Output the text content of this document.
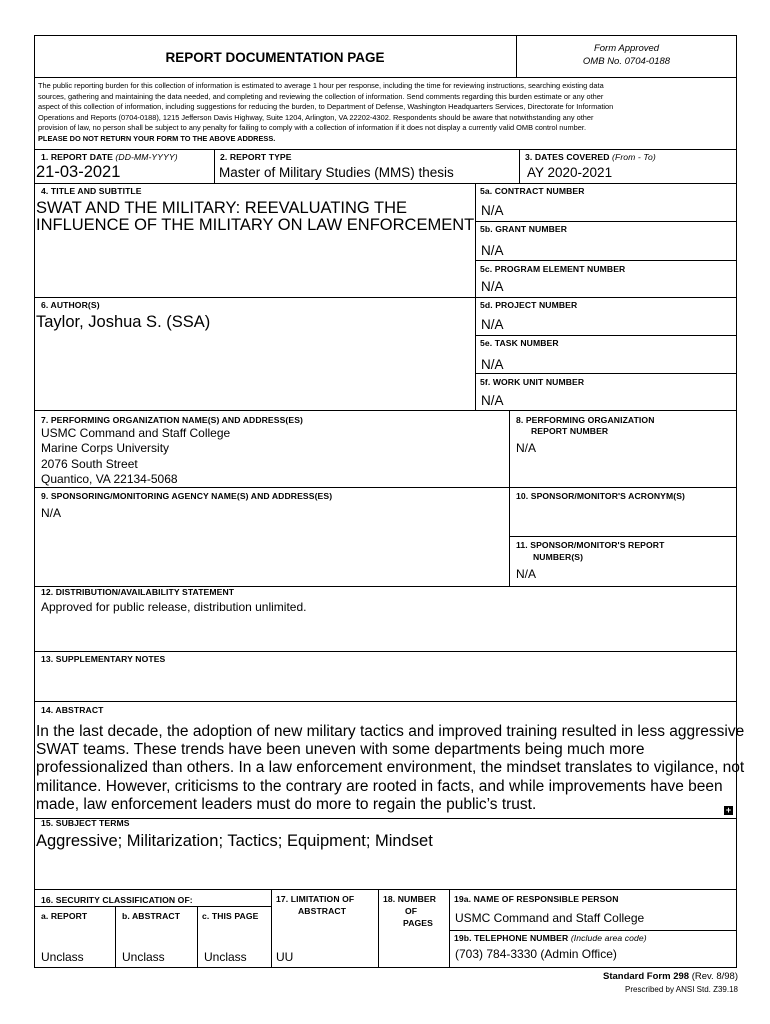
REPORT DOCUMENTATION PAGE
Form Approved
OMB No. 0704-0188
The public reporting burden for this collection of information is estimated to average 1 hour per response, including the time for reviewing instructions, searching existing data
sources, gathering and maintaining the data needed, and completing and reviewing the collection of information. Send comments regarding this burden estimate or any other
aspect of this collection of information, including suggestions for reducing the burden, to Department of Defense, Washington Headquarters Services, Directorate for Information
Operations and Reports (0704-0188), 1215 Jefferson Davis Highway, Suite 1204, Arlington, VA 22202-4302. Respondents should be aware that notwithstanding any other
provision of law, no person shall be subject to any penalty for failing to comply with a collection of information if it does not display a currently valid OMB control number.
PLEASE DO NOT RETURN YOUR FORM TO THE ABOVE ADDRESS.
1. REPORT DATE (DD-MM-YYYY)
21-03-2021
2. REPORT TYPE
Master of Military Studies (MMS) thesis
3. DATES COVERED (From - To)
AY 2020-2021
4. TITLE AND SUBTITLE
SWAT AND THE MILITARY: REEVALUATING THE
INFLUENCE OF THE MILITARY ON LAW ENFORCEMENT
5a. CONTRACT NUMBER
N/A
5b. GRANT NUMBER
N/A
5c. PROGRAM ELEMENT NUMBER
N/A
5d. PROJECT NUMBER
N/A
5e. TASK NUMBER
N/A
5f. WORK UNIT NUMBER
N/A
6. AUTHOR(S)
Taylor, Joshua S. (SSA)
7. PERFORMING ORGANIZATION NAME(S) AND ADDRESS(ES)
USMC Command and Staff College
Marine Corps University
2076 South Street
Quantico, VA 22134-5068
8. PERFORMING ORGANIZATION
REPORT NUMBER
N/A
9. SPONSORING/MONITORING AGENCY NAME(S) AND ADDRESS(ES)
N/A
10. SPONSOR/MONITOR'S ACRONYM(S)
11. SPONSOR/MONITOR'S REPORT
NUMBER(S)
N/A
12. DISTRIBUTION/AVAILABILITY STATEMENT
Approved for public release, distribution unlimited.
13. SUPPLEMENTARY NOTES
14. ABSTRACT
In the last decade, the adoption of new military tactics and improved training resulted in less aggressive
SWAT teams. These trends have been uneven with some departments being much more
professionalized than others. In a law enforcement environment, the mindset translates to vigilance, not
militance. However, criticisms to the contrary are rooted in facts, and while improvements have been
made, law enforcement leaders must do more to regain the public’s trust.	+
15. SUBJECT TERMS
Aggressive; Militarization; Tactics; Equipment; Mindset
16. SECURITY CLASSIFICATION OF:
a. REPORT	b. ABSTRACT	c. THIS PAGE
Unclass	Unclass	Unclass
17. LIMITATION OF
ABSTRACT
UU
18. NUMBER
OF
PAGES
19a. NAME OF RESPONSIBLE PERSON
USMC Command and Staff College
19b. TELEPHONE NUMBER (Include area code)
(703) 784-3330 (Admin Office)
Standard Form 298 (Rev. 8/98)
Prescribed by ANSI Std. Z39.18
